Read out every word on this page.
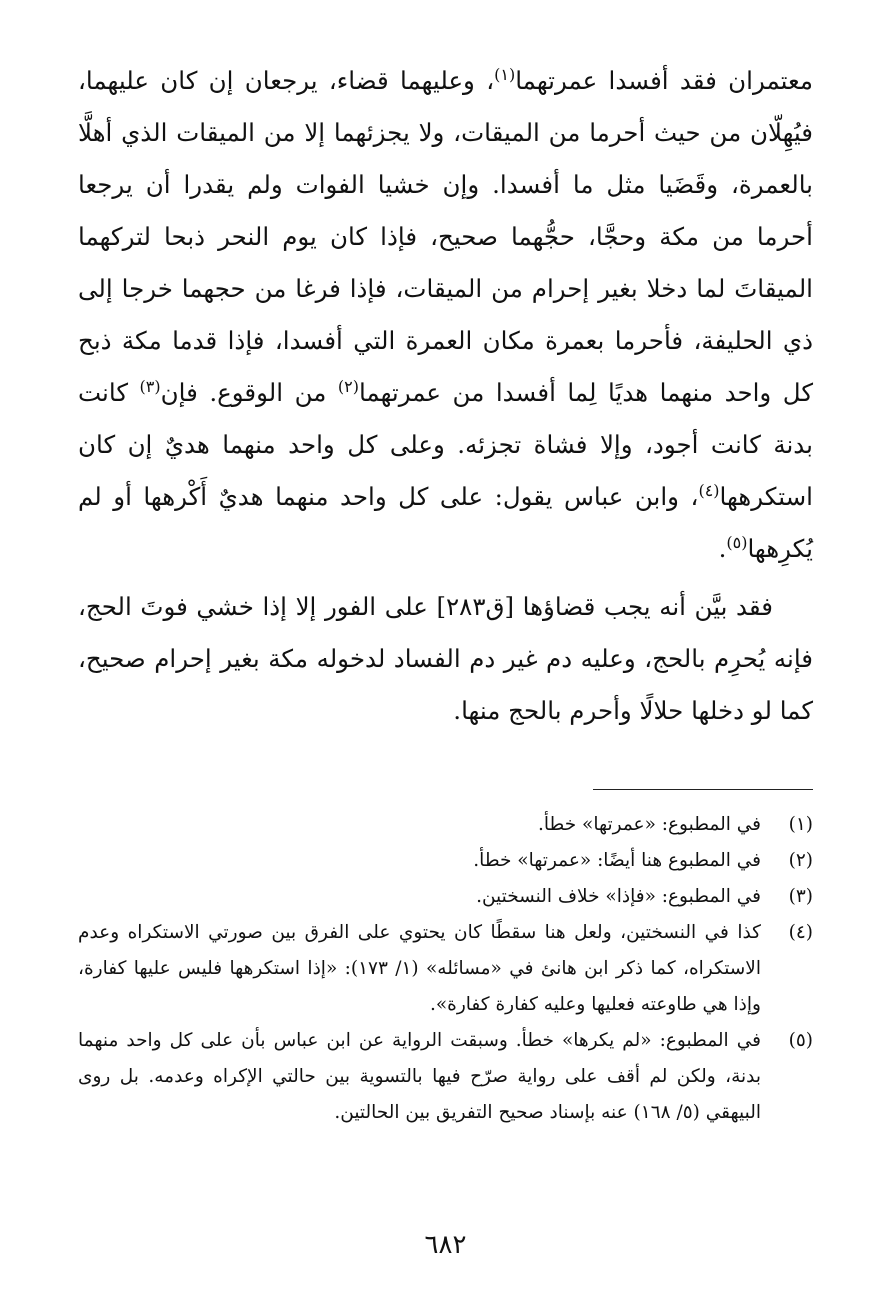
معتمران فقد أفسدا عمرتهما$^{(١)}$، وعليهما قضاء، يرجعان إن كان عليهما، فيُهِلّان من حيث أحرما من الميقات، ولا يجزئهما إلا من الميقات الذي أهلَّا بالعمرة، وقَضَيا مثل ما أفسدا. وإن خشيا الفوات ولم يقدرا أن يرجعا أحرما من مكة وحجَّا، حجُّهما صحيح، فإذا كان يوم النحر ذبحا لتركهما الميقاتَ لما دخلا بغير إحرام من الميقات، فإذا فرغا من حجهما خرجا إلى ذي الحليفة، فأحرما بعمرة مكان العمرة التي أفسدا، فإذا قدما مكة ذبح كل واحد منهما هديًا لِما أفسدا من عمرتهما$^{(٢)}$ من الوقوع. فإن$^{(٣)}$ كانت بدنة كانت أجود، وإلا فشاة تجزئه. وعلى كل واحد منهما هديٌ إن كان استكرهها$^{(٤)}$، وابن عباس يقول: على كل واحد منهما هديٌ أَكْرهها أو لم يُكرِهها$^{(٥)}$.

فقد بيَّن أنه يجب قضاؤها [ق٢٨٣] على الفور إلا إذا خشي فوتَ الحج، فإنه يُحرِم بالحج، وعليه دم غير دم الفساد لدخوله مكة بغير إحرام صحيح، كما لو دخلها حلالًا وأحرم بالحج منها.

(١)
في المطبوع: «عمرتها» خطأ.
(٢)
في المطبوع هنا أيضًا: «عمرتها» خطأ.
(٣)
في المطبوع: «فإذا» خلاف النسختين.
(٤)
كذا في النسختين، ولعل هنا سقطًا كان يحتوي على الفرق بين صورتي الاستكراه وعدم الاستكراه، كما ذكر ابن هانئ في «مسائله» (١/ ١٧٣): «إذا استكرهها فليس عليها كفارة، وإذا هي طاوعته فعليها وعليه كفارة كفارة».
(٥)
في المطبوع: «لم يكرها» خطأ. وسبقت الرواية عن ابن عباس بأن على كل واحد منهما بدنة، ولكن لم أقف على رواية صرّح فيها بالتسوية بين حالتي الإكراه وعدمه. بل روى البيهقي (٥/ ١٦٨) عنه بإسناد صحيح التفريق بين الحالتين.
٦٨٢
